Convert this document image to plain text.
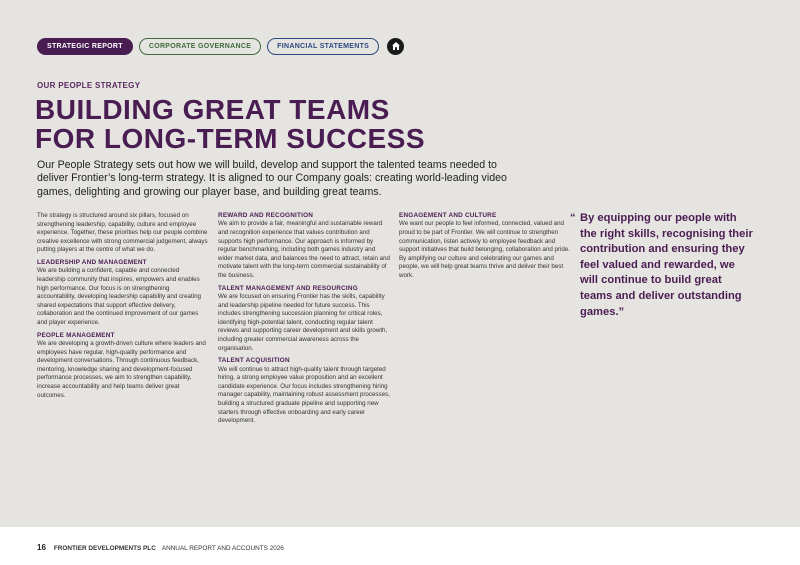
STRATEGIC REPORT	CORPORATE GOVERNANCE	FINANCIAL STATEMENTS
OUR PEOPLE STRATEGY
BUILDING GREAT TEAMS
FOR LONG-TERM SUCCESS

Our People Strategy sets out how we will build, develop and support the talented teams needed to deliver Frontier’s long-term strategy. It is aligned to our Company goals: creating world-leading video games, delighting and growing our player base, and building great teams.

The strategy is structured around six pillars, focused on strengthening leadership, capability, culture and employee experience. Together, these priorities help our people combine creative excellence with strong commercial judgement, always putting players at the centre of what we do.

LEADERSHIP AND MANAGEMENT

We are building a confident, capable and connected leadership community that inspires, empowers and enables high performance. Our focus is on strengthening accountability, developing leadership capability and creating shared expectations that support effective delivery, collaboration and the continued improvement of our games and player experience.

PEOPLE MANAGEMENT

We are developing a growth-driven culture where leaders and employees have regular, high-quality performance and development conversations. Through continuous feedback, mentoring, knowledge sharing and development-focused performance processes, we aim to strengthen capability, increase accountability and help teams deliver great outcomes.

REWARD AND RECOGNITION

We aim to provide a fair, meaningful and sustainable reward and recognition experience that values contribution and supports high performance. Our approach is informed by regular benchmarking, including both games industry and wider market data, and balances the need to attract, retain and motivate talent with the long-term commercial sustainability of the business.

TALENT MANAGEMENT AND RESOURCING

We are focused on ensuring Frontier has the skills, capability and leadership pipeline needed for future success. This includes strengthening succession planning for critical roles, identifying high-potential talent, conducting regular talent reviews and supporting career development and skills growth, including greater commercial awareness across the organisation.

TALENT ACQUISITION

We will continue to attract high-quality talent through targeted hiring, a strong employee value proposition and an excellent candidate experience. Our focus includes strengthening hiring manager capability, maintaining robust assessment processes, building a structured graduate pipeline and supporting new starters through effective onboarding and early career development.

ENGAGEMENT AND CULTURE

We want our people to feel informed, connected, valued and proud to be part of Frontier. We will continue to strengthen communication, listen actively to employee feedback and support initiatives that build belonging, collaboration and pride. By amplifying our culture and celebrating our games and people, we will help great teams thrive and deliver their best work.

“ By equipping our people with the right skills, recognising their contribution and ensuring they feel valued and rewarded, we will continue to build great teams and deliver outstanding games.”
16 FRONTIER DEVELOPMENTS PLC ANNUAL REPORT AND ACCOUNTS 2026
